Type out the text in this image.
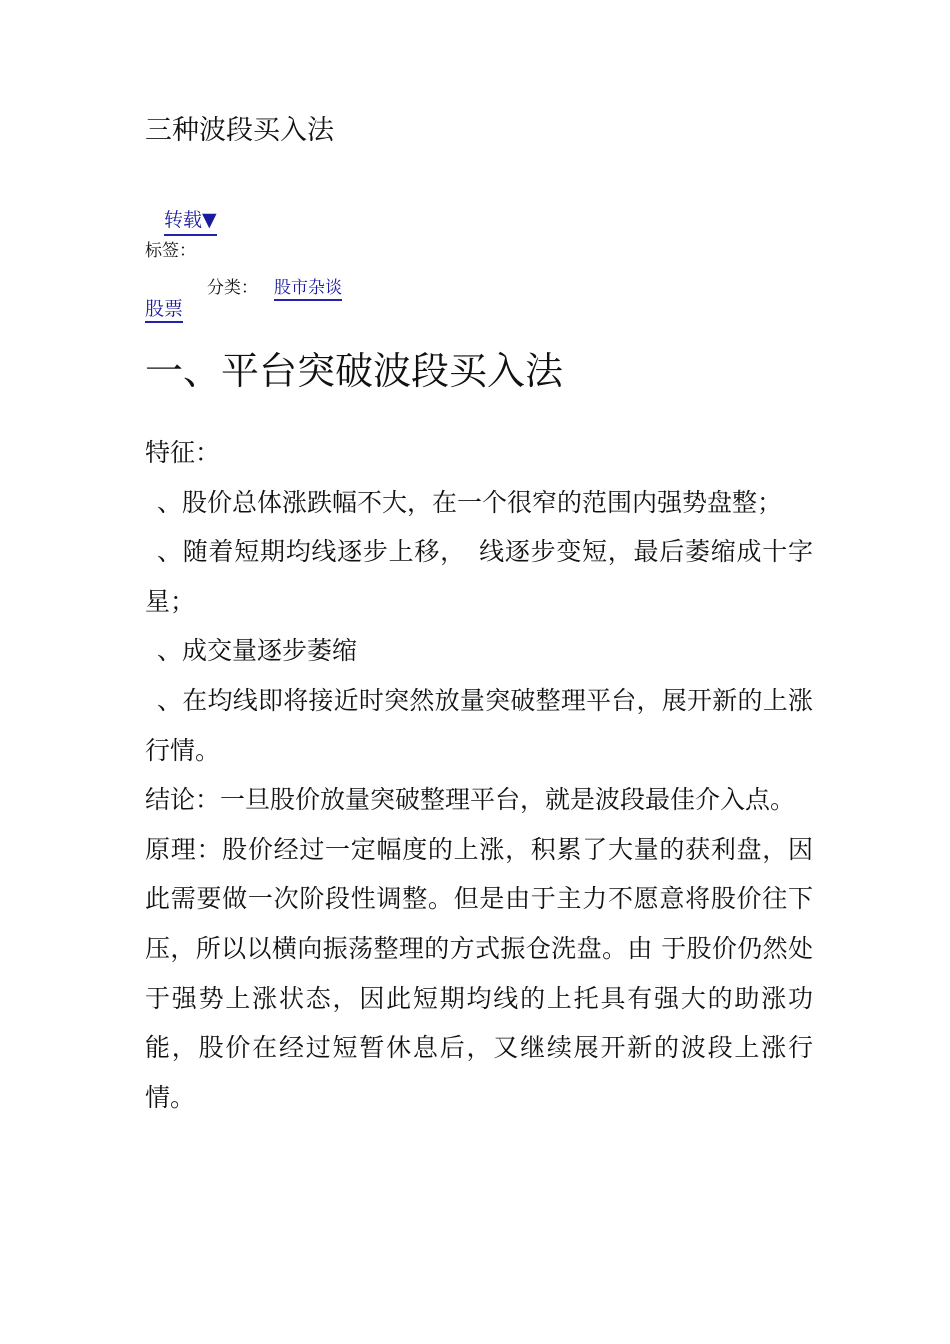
三种波段买入法
转载▼
标签：
分类： 股市杂谈
股票
一、平台突破波段买入法

特征：

、股价总体涨跌幅不大，在一个很窄的范围内强势盘整；

、随着短期均线逐步上移，　线逐步变短，最后萎缩成十字星；

、成交量逐步萎缩

、在均线即将接近时突然放量突破整理平台，展开新的上涨行情。

结论：一旦股价放量突破整理平台，就是波段最佳介入点。

原理：股价经过一定幅度的上涨，积累了大量的获利盘，因此需要做一次阶段性调整。但是由于主力不愿意将股价往下压，所以以横向振荡整理的方式振仓洗盘。由 于股价仍然处于强势上涨状态，因此短期均线的上托具有强大的助涨功能，股价在经过短暂休息后，又继续展开新的波段上涨行情。
